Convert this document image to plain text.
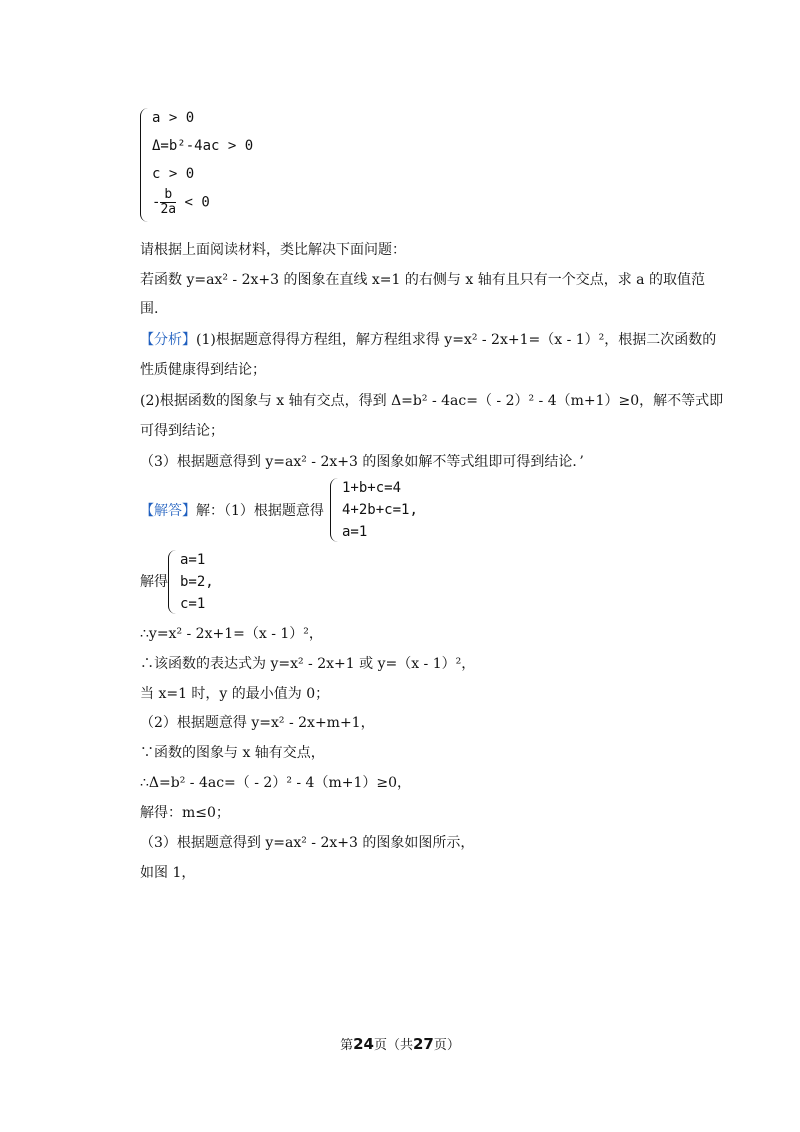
a > 0
Δ=b²-4ac > 0
c > 0
- $\frac{b}{2a} < 0$
请根据上面阅读材料，类比解决下面问题：
若函数 y=ax² - 2x+3 的图象在直线 x=1 的右侧与 x 轴有且只有一个交点，求 a 的取值范
围.
【分析】(1)根据题意得得方程组，解方程组求得 y=x² - 2x+1=（x - 1）²，根据二次函数的
性质健康得到结论；
(2)根据函数的图象与 x 轴有交点，得到 Δ=b² - 4ac=（ - 2）² - 4（m+1）≥0，解不等式即
可得到结论；
（3）根据题意得到 y=ax² - 2x+3 的图象如解不等式组即可得到结论．’
【解答】解：（1）根据题意得
1+b+c=4
4+2b+c=1,
a=1
解得
a=1
b=2,
c=1
∴y=x² - 2x+1=（x - 1）²，
∴该函数的表达式为 y=x² - 2x+1 或 y=（x - 1）²，
当 x=1 时，y 的最小值为 0；
（2）根据题意得 y=x² - 2x+m+1，
∵函数的图象与 x 轴有交点，
∴Δ=b² - 4ac=（ - 2）² - 4（m+1）≥0，
解得：m≤0；
（3）根据题意得到 y=ax² - 2x+3 的图象如图所示，
如图 1，
第24页（共27页）
